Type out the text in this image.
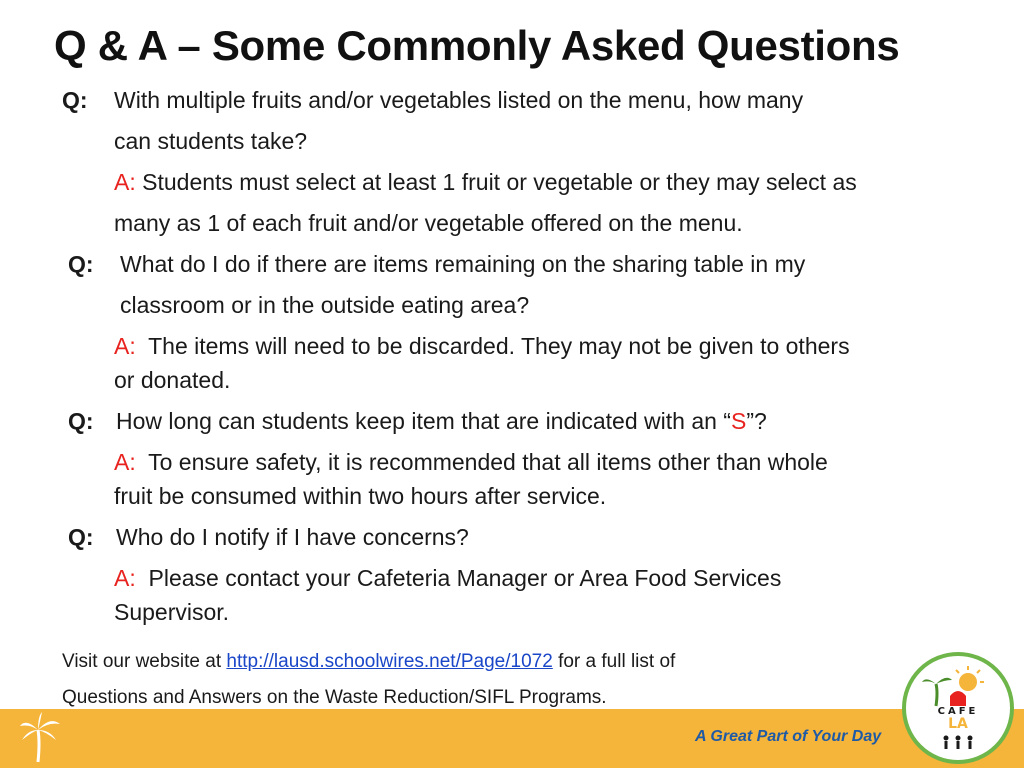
Q & A – Some Commonly Asked Questions
Q: With multiple fruits and/or vegetables listed on the menu, how many
can students take?
A: Students must select at least 1 fruit or vegetable or they may select as
many as 1 of each fruit and/or vegetable offered on the menu.
Q: What do I do if there are items remaining on the sharing table in my
classroom or in the outside eating area?
A: The items will need to be discarded. They may not be given to others
or donated.
Q: How long can students keep item that are indicated with an “S”?
A: To ensure safety, it is recommended that all items other than whole
fruit be consumed within two hours after service.
Q: Who do I notify if I have concerns?
A: Please contact your Cafeteria Manager or Area Food Services
Supervisor.
Visit our website at http://lausd.schoolwires.net/Page/1072 for a full list of
Questions and Answers on the Waste Reduction/SIFL Programs.
A Great Part of Your Day
CAFE
LA
